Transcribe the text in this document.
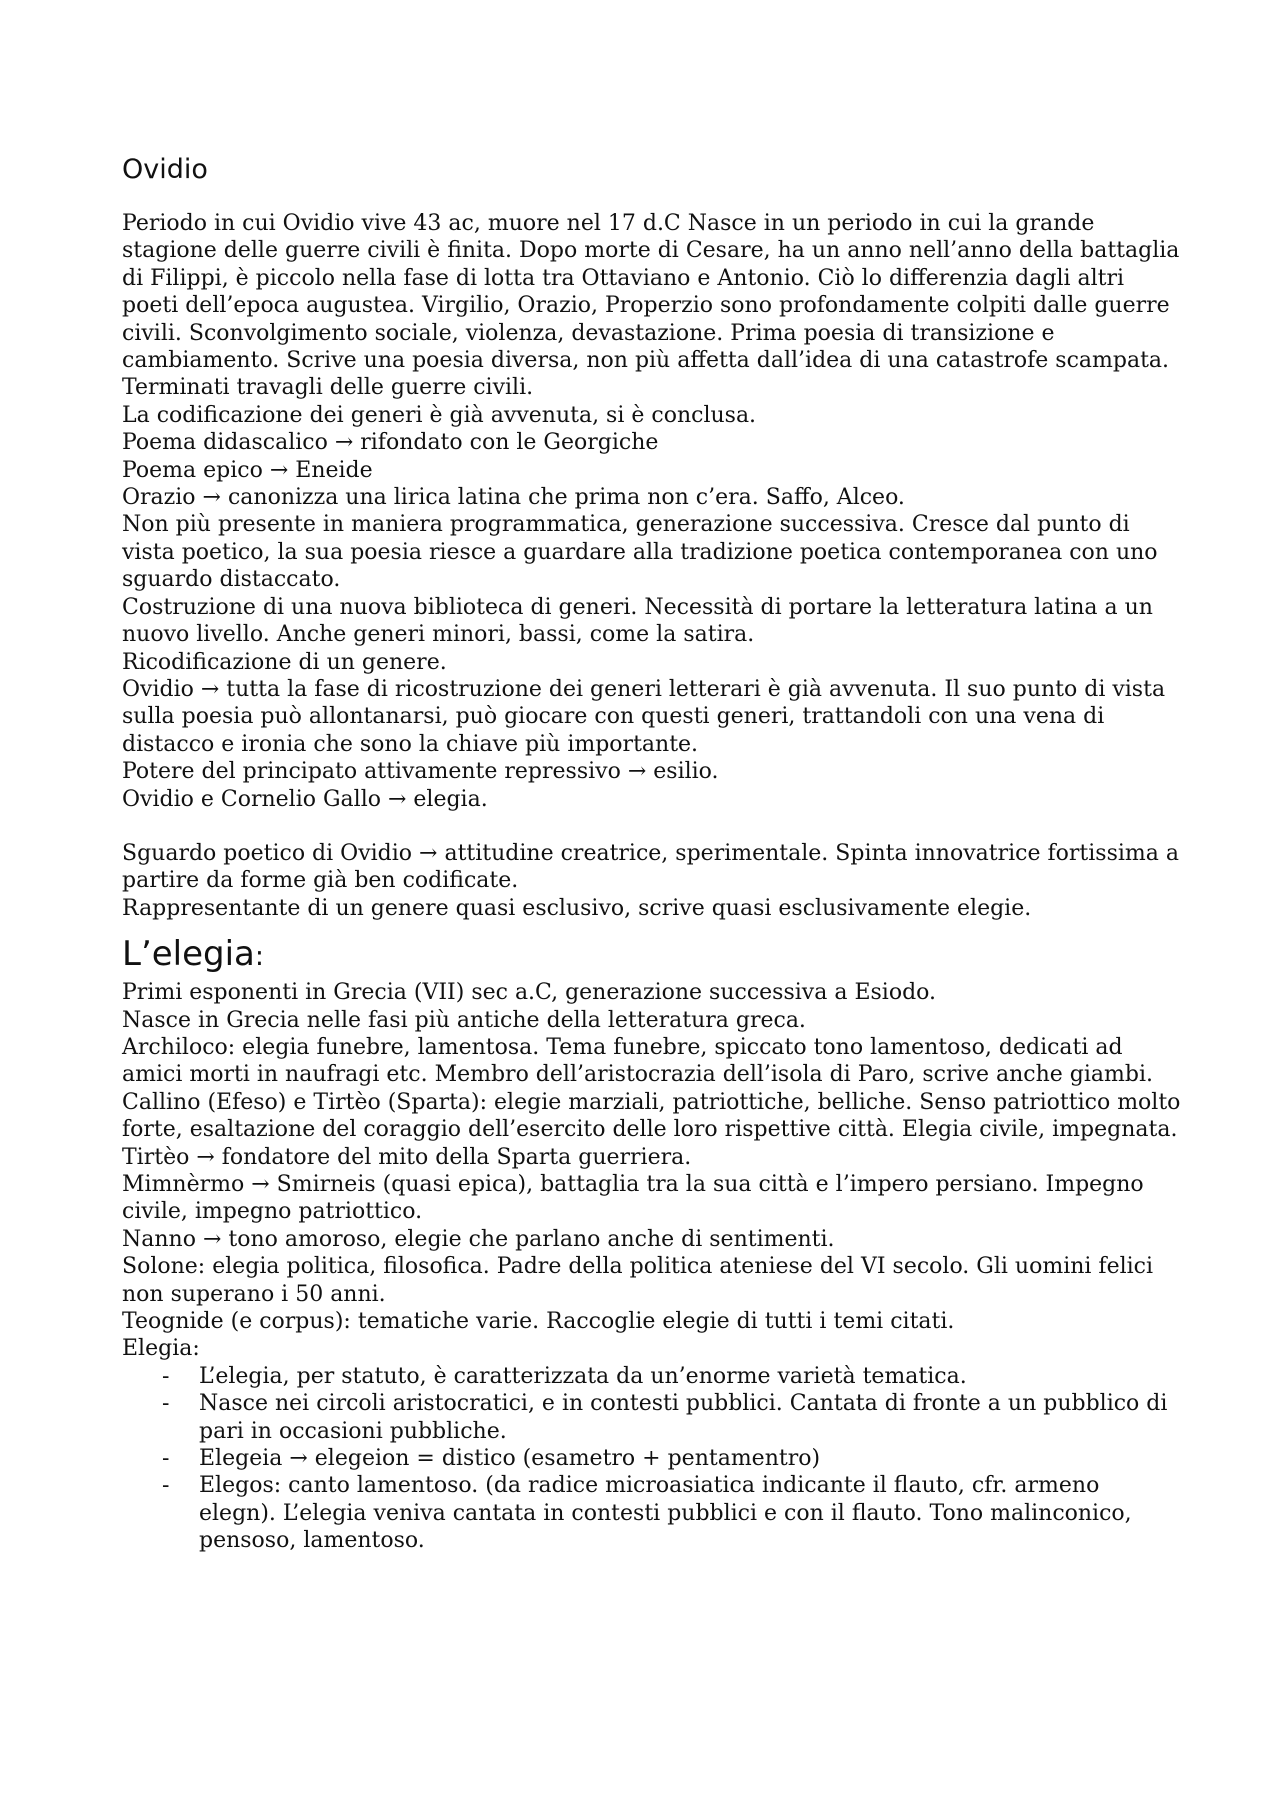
Ovidio

Periodo in cui Ovidio vive 43 ac, muore nel 17 d.C Nasce in un periodo in cui la grande stagione delle guerre civili è finita. Dopo morte di Cesare, ha un anno nell’anno della battaglia di Filippi, è piccolo nella fase di lotta tra Ottaviano e Antonio. Ciò lo differenzia dagli altri poeti dell’epoca augustea. Virgilio, Orazio, Properzio sono profondamente colpiti dalle guerre civili. Sconvolgimento sociale, violenza, devastazione. Prima poesia di transizione e cambiamento. Scrive una poesia diversa, non più affetta dall’idea di una catastrofe scampata. Terminati travagli delle guerre civili.

La codificazione dei generi è già avvenuta, si è conclusa.

Poema didascalico → rifondato con le Georgiche

Poema epico → Eneide

Orazio → canonizza una lirica latina che prima non c’era. Saffo, Alceo.

Non più presente in maniera programmatica, generazione successiva. Cresce dal punto di vista poetico, la sua poesia riesce a guardare alla tradizione poetica contemporanea con uno sguardo distaccato.

Costruzione di una nuova biblioteca di generi. Necessità di portare la letteratura latina a un nuovo livello. Anche generi minori, bassi, come la satira.

Ricodificazione di un genere.

Ovidio → tutta la fase di ricostruzione dei generi letterari è già avvenuta. Il suo punto di vista sulla poesia può allontanarsi, può giocare con questi generi, trattandoli con una vena di distacco e ironia che sono la chiave più importante.

Potere del principato attivamente repressivo → esilio.

Ovidio e Cornelio Gallo → elegia.

Sguardo poetico di Ovidio → attitudine creatrice, sperimentale. Spinta innovatrice fortissima a partire da forme già ben codificate.

Rappresentante di un genere quasi esclusivo, scrive quasi esclusivamente elegie.

L’elegia:

Primi esponenti in Grecia (VII) sec a.C, generazione successiva a Esiodo.

Nasce in Grecia nelle fasi più antiche della letteratura greca.

Archiloco: elegia funebre, lamentosa. Tema funebre, spiccato tono lamentoso, dedicati ad amici morti in naufragi etc. Membro dell’aristocrazia dell’isola di Paro, scrive anche giambi.

Callino (Efeso) e Tirtèo (Sparta): elegie marziali, patriottiche, belliche. Senso patriottico molto forte, esaltazione del coraggio dell’esercito delle loro rispettive città. Elegia civile, impegnata.

Tirtèo → fondatore del mito della Sparta guerriera.

Mimnèrmo → Smirneis (quasi epica), battaglia tra la sua città e l’impero persiano. Impegno civile, impegno patriottico.

Nanno → tono amoroso, elegie che parlano anche di sentimenti.

Solone: elegia politica, filosofica. Padre della politica ateniese del VI secolo. Gli uomini felici non superano i 50 anni.

Teognide (e corpus): tematiche varie. Raccoglie elegie di tutti i temi citati.

Elegia:

- L’elegia, per statuto, è caratterizzata da un’enorme varietà tematica.
- Nasce nei circoli aristocratici, e in contesti pubblici. Cantata di fronte a un pubblico di pari in occasioni pubbliche.
- Elegeia → elegeion = distico (esametro + pentamentro)
- Elegos: canto lamentoso. (da radice microasiatica indicante il flauto, cfr. armeno elegn). L’elegia veniva cantata in contesti pubblici e con il flauto. Tono malinconico, pensoso, lamentoso.
